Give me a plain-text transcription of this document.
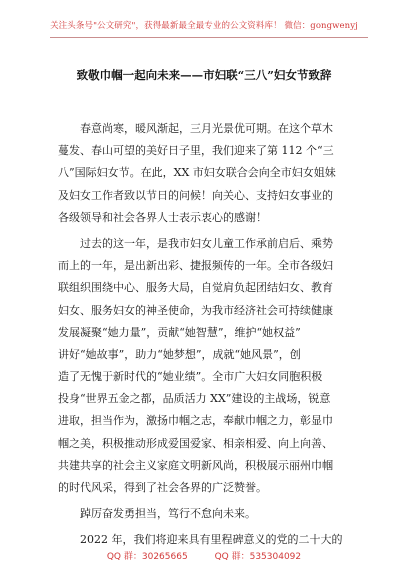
关注头条号"公文研究"，获得最新最全最专业的公文资料库！ 微信：gongwenyj
致敬巾帼一起向未来——市妇联“三八”妇女节致辞
　　春意尚寒，暖风渐起，三月光景优可期。在这个草木
蔓发、春山可望的美好日子里，我们迎来了第 112 个“三
八”国际妇女节。在此，XX 市妇女联合会向全市妇女姐妹
及妇女工作者致以节日的问候！向关心、支持妇女事业的
各级领导和社会各界人士表示衷心的感谢！
　　过去的这一年，是我市妇女儿童工作承前启后、乘势
而上的一年，是出新出彩、捷报频传的一年。全市各级妇
联组织围绕中心、服务大局，自觉肩负起团结妇女、教育
妇女、服务妇女的神圣使命，为我市经济社会可持续健康
发展凝聚“她力量”，贡献“她智慧”，维护“她权益”
讲好“她故事”，助力“她梦想”，成就“她风景”，创
造了无愧于新时代的“她业绩”。全市广大妇女同胞积极
投身“世界五金之都，品质活力 XX”建设的主战场，锐意
进取，担当作为，激扬巾帼之志，奉献巾帼之力，彰显巾
帼之美，积极推动形成爱国爱家、相亲相爱、向上向善、
共建共享的社会主义家庭文明新风尚，积极展示丽州巾帼
的时代风采，得到了社会各界的广泛赞誉。
　　踔厉奋发勇担当，笃行不怠向未来。
　　2022 年，我们将迎来具有里程碑意义的党的二十大的
QQ 群：30265665	QQ 群：535304092
